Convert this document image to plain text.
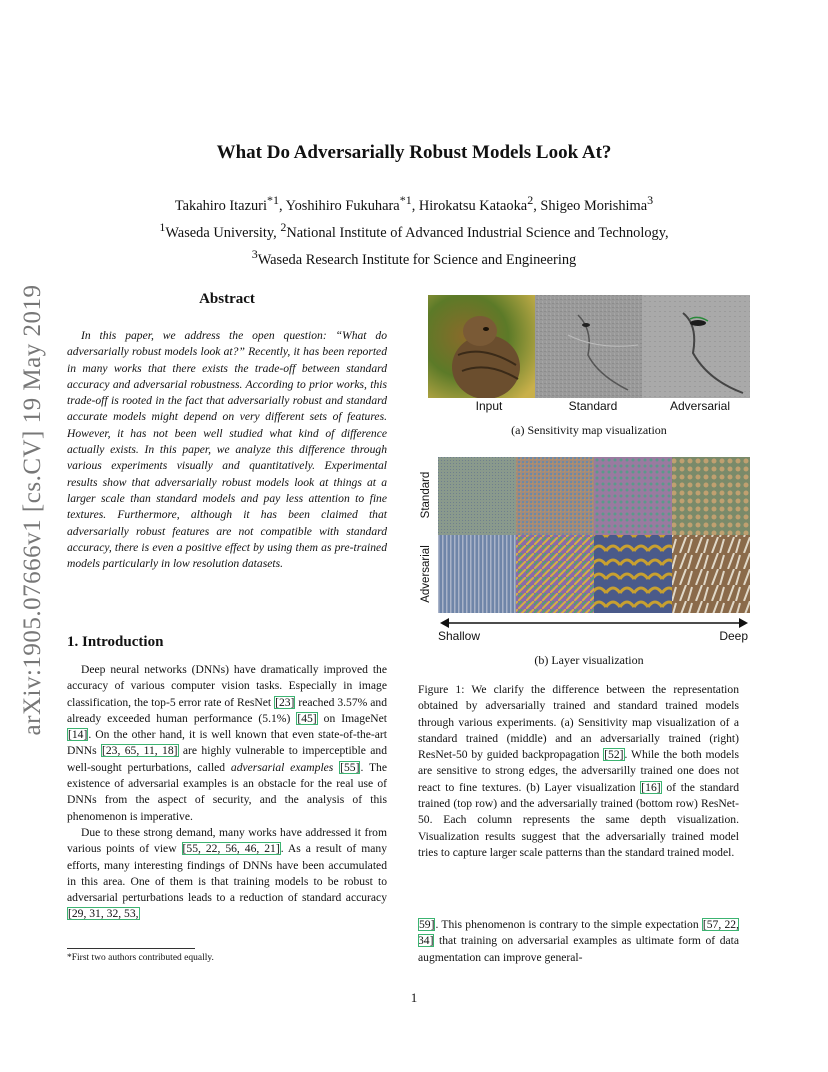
arXiv:1905.07666v1 [cs.CV] 19 May 2019
What Do Adversarially Robust Models Look At?
Takahiro Itazuri$^{*1}$, Yoshihiro Fukuhara$^{*1}$, Hirokatsu Kataoka$^2$, Shigeo Morishima$^3$
$^1$Waseda University, $^2$National Institute of Advanced Industrial Science and Technology,
$^3$Waseda Research Institute for Science and Engineering
Abstract
In this paper, we address the open question: “What do adversarially robust models look at?” Recently, it has been reported in many works that there exists the trade-off between standard accuracy and adversarial robustness. According to prior works, this trade-off is rooted in the fact that adversarially robust and standard accurate models might depend on very different sets of features. However, it has not been well studied what kind of difference actually exists. In this paper, we analyze this difference through various experiments visually and quantitatively. Experimental results show that adversarially robust models look at things at a larger scale than standard models and pay less attention to fine textures. Furthermore, although it has been claimed that adversarially robust features are not compatible with standard accuracy, there is even a positive effect by using them as pre-trained models particularly in low resolution datasets.
1. Introduction

Deep neural networks (DNNs) have dramatically improved the accuracy of various computer vision tasks. Especially in image classification, the top-5 error rate of ResNet [23] reached 3.57% and already exceeded human performance (5.1%) [45] on ImageNet [14]. On the other hand, it is well known that even state-of-the-art DNNs [23, 65, 11, 18] are highly vulnerable to imperceptible and well-sought perturbations, called adversarial examples [55]. The existence of adversarial examples is an obstacle for the real use of DNNs from the aspect of security, and the analysis of this phenomenon is imperative.

Due to these strong demand, many works have addressed it from various points of view [55, 22, 56, 46, 21]. As a result of many efforts, many interesting findings of DNNs have been accumulated in this area. One of them is that training models to be robust to adversarial perturbations leads to a reduction of standard accuracy [29, 31, 32, 53,

*First two authors contributed equally.
1
Input	Standard	Adversarial
(a) Sensitivity map visualization
Standard
Adversarial
Shallow	Deep
(b) Layer visualization
Figure 1: We clarify the difference between the representation obtained by adversarially trained and standard trained models through various experiments. (a) Sensitivity map visualization of a standard trained (middle) and an adversarially trained (right) ResNet-50 by guided backpropagation [52]. While the both models are sensitive to strong edges, the adversarilly trained one does not react to fine textures. (b) Layer visualization [16] of the standard trained (top row) and the adversarially trained (bottom row) ResNet-50. Each column represents the same depth visualization. Visualization results suggest that the adversarially trained model tries to capture larger scale patterns than the standard trained model.
59]. This phenomenon is contrary to the simple expectation [57, 22, 34] that training on adversarial examples as ultimate form of data augmentation can improve general-
